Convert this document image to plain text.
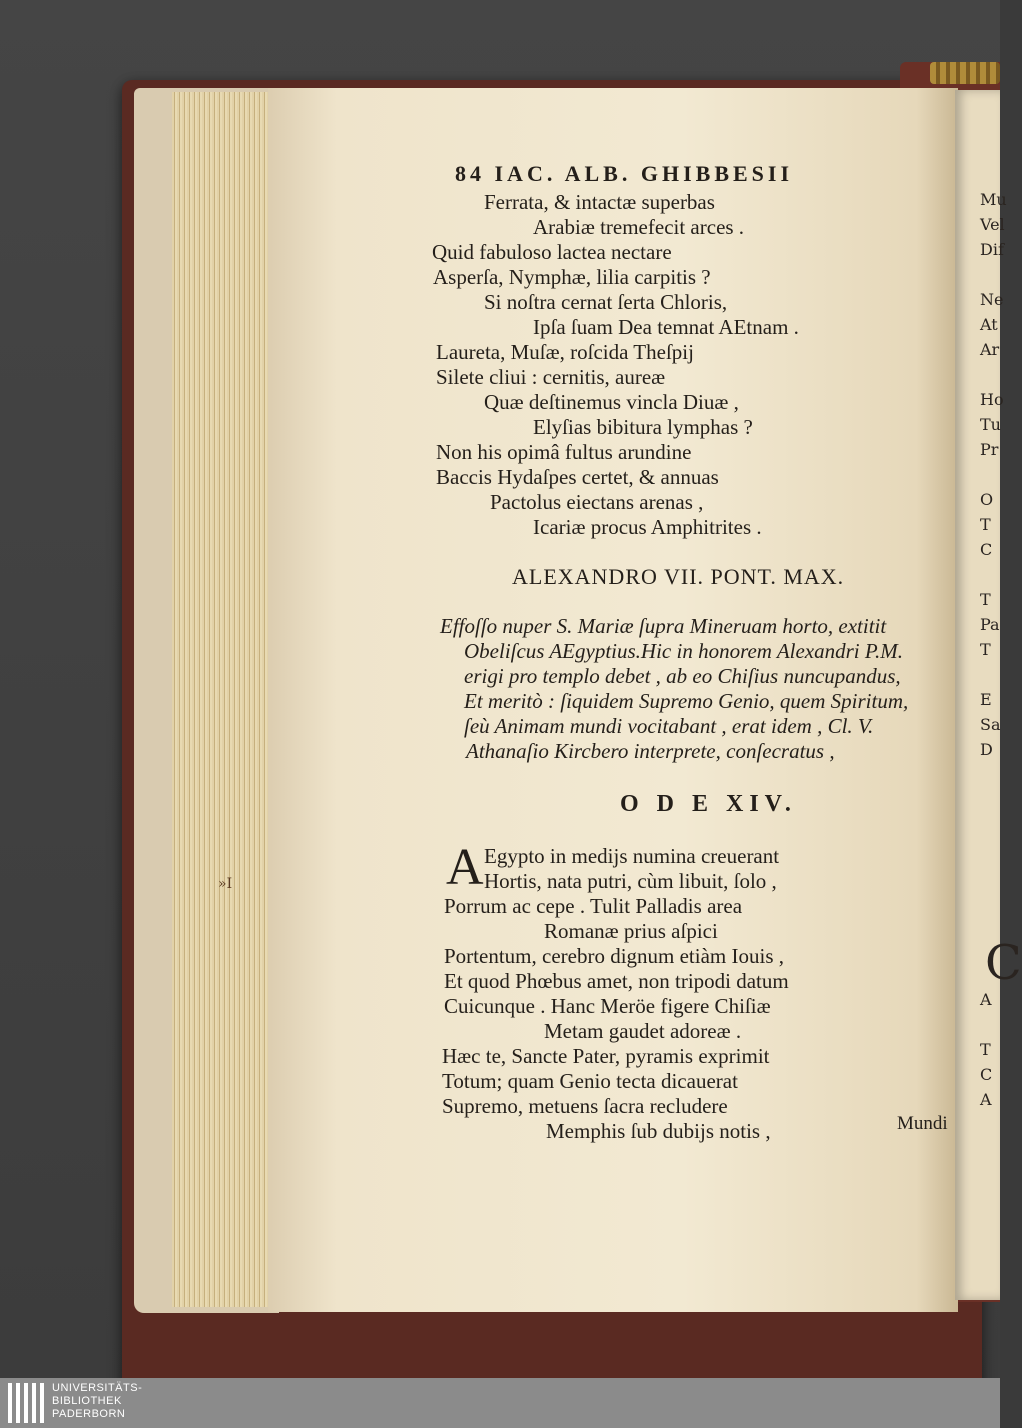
Mu
Vel
Dif
Ne
At
Ar
Ho
Tu
Pr
O
T
C
T
Pa
T
E
Sa
D
A
T
C
A
C
84 IAC. ALB. GHIBBESII
Ferrata, & intactæ superbas
Arabiæ tremefecit arces .
Quid fabuloso lactea nectare
Asperſa, Nymphæ, lilia carpitis ?
Si noſtra cernat ſerta Chloris,
Ipſa ſuam Dea temnat AEtnam .
Laureta, Muſæ, roſcida Theſpij
Silete cliui : cernitis, aureæ
Quæ deſtinemus vincla Diuæ ,
Elyſias bibitura lymphas ?
Non his opimâ fultus arundine
Baccis Hydaſpes certet, & annuas
Pactolus eiectans arenas ,
Icariæ procus Amphitrites .
ALEXANDRO VII. PONT. MAX.
Effoſſo nuper S. Mariæ ſupra Mineruam horto, extitit
Obeliſcus AEgyptius.Hic in honorem Alexandri P.M.
erigi pro templo debet , ab eo Chiſius nuncupandus,
Et meritò : ſiquidem Supremo Genio, quem Spiritum,
ſeù Animam mundi vocitabant , erat idem , Cl. V.
Athanaſio Kircbero interprete, conſecratus ,
O D E XIV.
A Egypto in medijs numina creuerant
Hortis, nata putri, cùm libuit, ſolo ,
Porrum ac cepe . Tulit Palladis area
Romanæ prius aſpici
Portentum, cerebro dignum etiàm Iouis ,
Et quod Phœbus amet, non tripodi datum
Cuicunque . Hanc Meröe figere Chiſiæ
Metam gaudet adoreæ .
Hæc te, Sancte Pater, pyramis exprimit
Totum; quam Genio tecta dicauerat
Supremo, metuens ſacra recludere
Memphis ſub dubijs notis ,	Mundi
»I
UNIVERSITÄTS-
BIBLIOTHEK
PADERBORN
